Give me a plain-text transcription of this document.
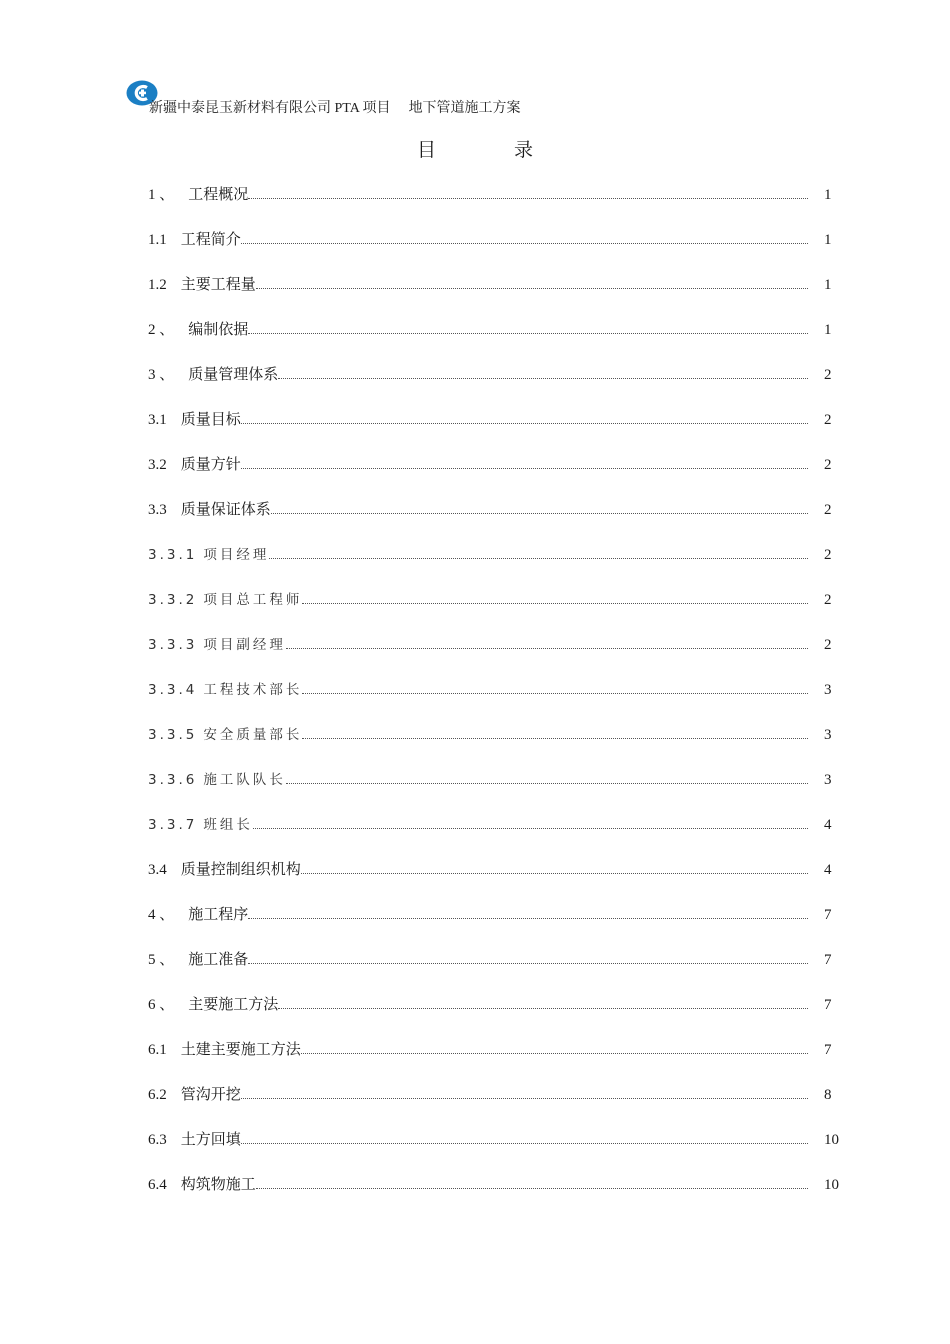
新疆中泰昆玉新材料有限公司 PTA 项目 地下管道施工方案
目	录
1 、 工程概况	1
1.1 工程简介	1
1.2 主要工程量	1
2 、 编制依据	1
3 、 质量管理体系	2
3.1 质量目标	2
3.2 质量方针	2
3.3 质量保证体系	2
3.3.1 项目经理	2
3.3.2 项目总工程师	2
3.3.3 项目副经理	2
3.3.4 工程技术部长	3
3.3.5 安全质量部长	3
3.3.6 施工队队长	3
3.3.7 班组长	4
3.4 质量控制组织机构	4
4 、 施工程序	7
5 、 施工准备	7
6 、 主要施工方法	7
6.1 土建主要施工方法	7
6.2 管沟开挖	8
6.3 土方回填	10
6.4 构筑物施工	10
